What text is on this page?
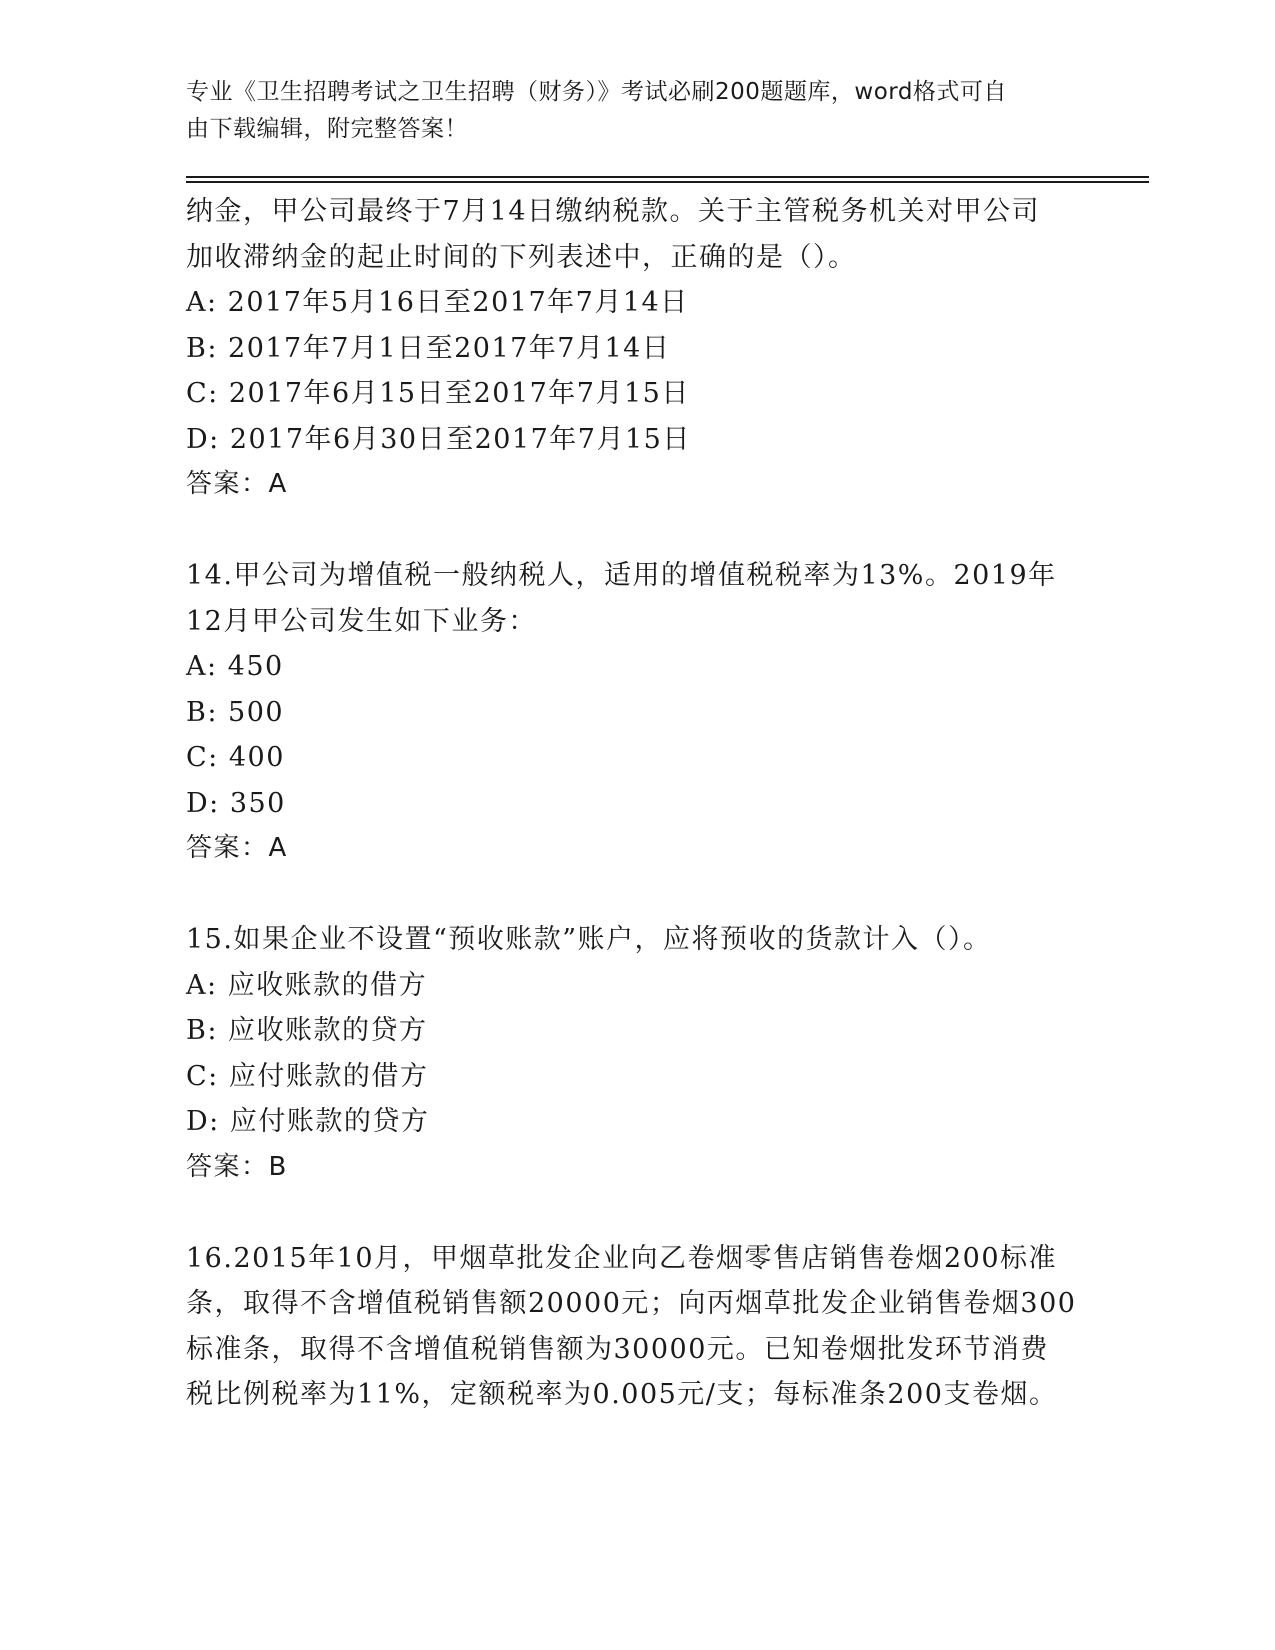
专业《卫生招聘考试之卫生招聘（财务）》考试必刷200题题库，word格式可自
由下载编辑，附完整答案！
纳金，甲公司最终于7月14日缴纳税款。关于主管税务机关对甲公司
加收滞纳金的起止时间的下列表述中，正确的是（）。
A: 2017年5月16日至2017年7月14日
B: 2017年7月1日至2017年7月14日
C: 2017年6月15日至2017年7月15日
D: 2017年6月30日至2017年7月15日
答案：A
14.甲公司为增值税一般纳税人，适用的增值税税率为13%。2019年
12月甲公司发生如下业务：
A: 450
B: 500
C: 400
D: 350
答案：A
15.如果企业不设置“预收账款”账户，应将预收的货款计入（）。
A: 应收账款的借方
B: 应收账款的贷方
C: 应付账款的借方
D: 应付账款的贷方
答案：B
16.2015年10月，甲烟草批发企业向乙卷烟零售店销售卷烟200标准
条，取得不含增值税销售额20000元；向丙烟草批发企业销售卷烟300
标准条，取得不含增值税销售额为30000元。已知卷烟批发环节消费
税比例税率为11%，定额税率为0.005元/支；每标准条200支卷烟。
